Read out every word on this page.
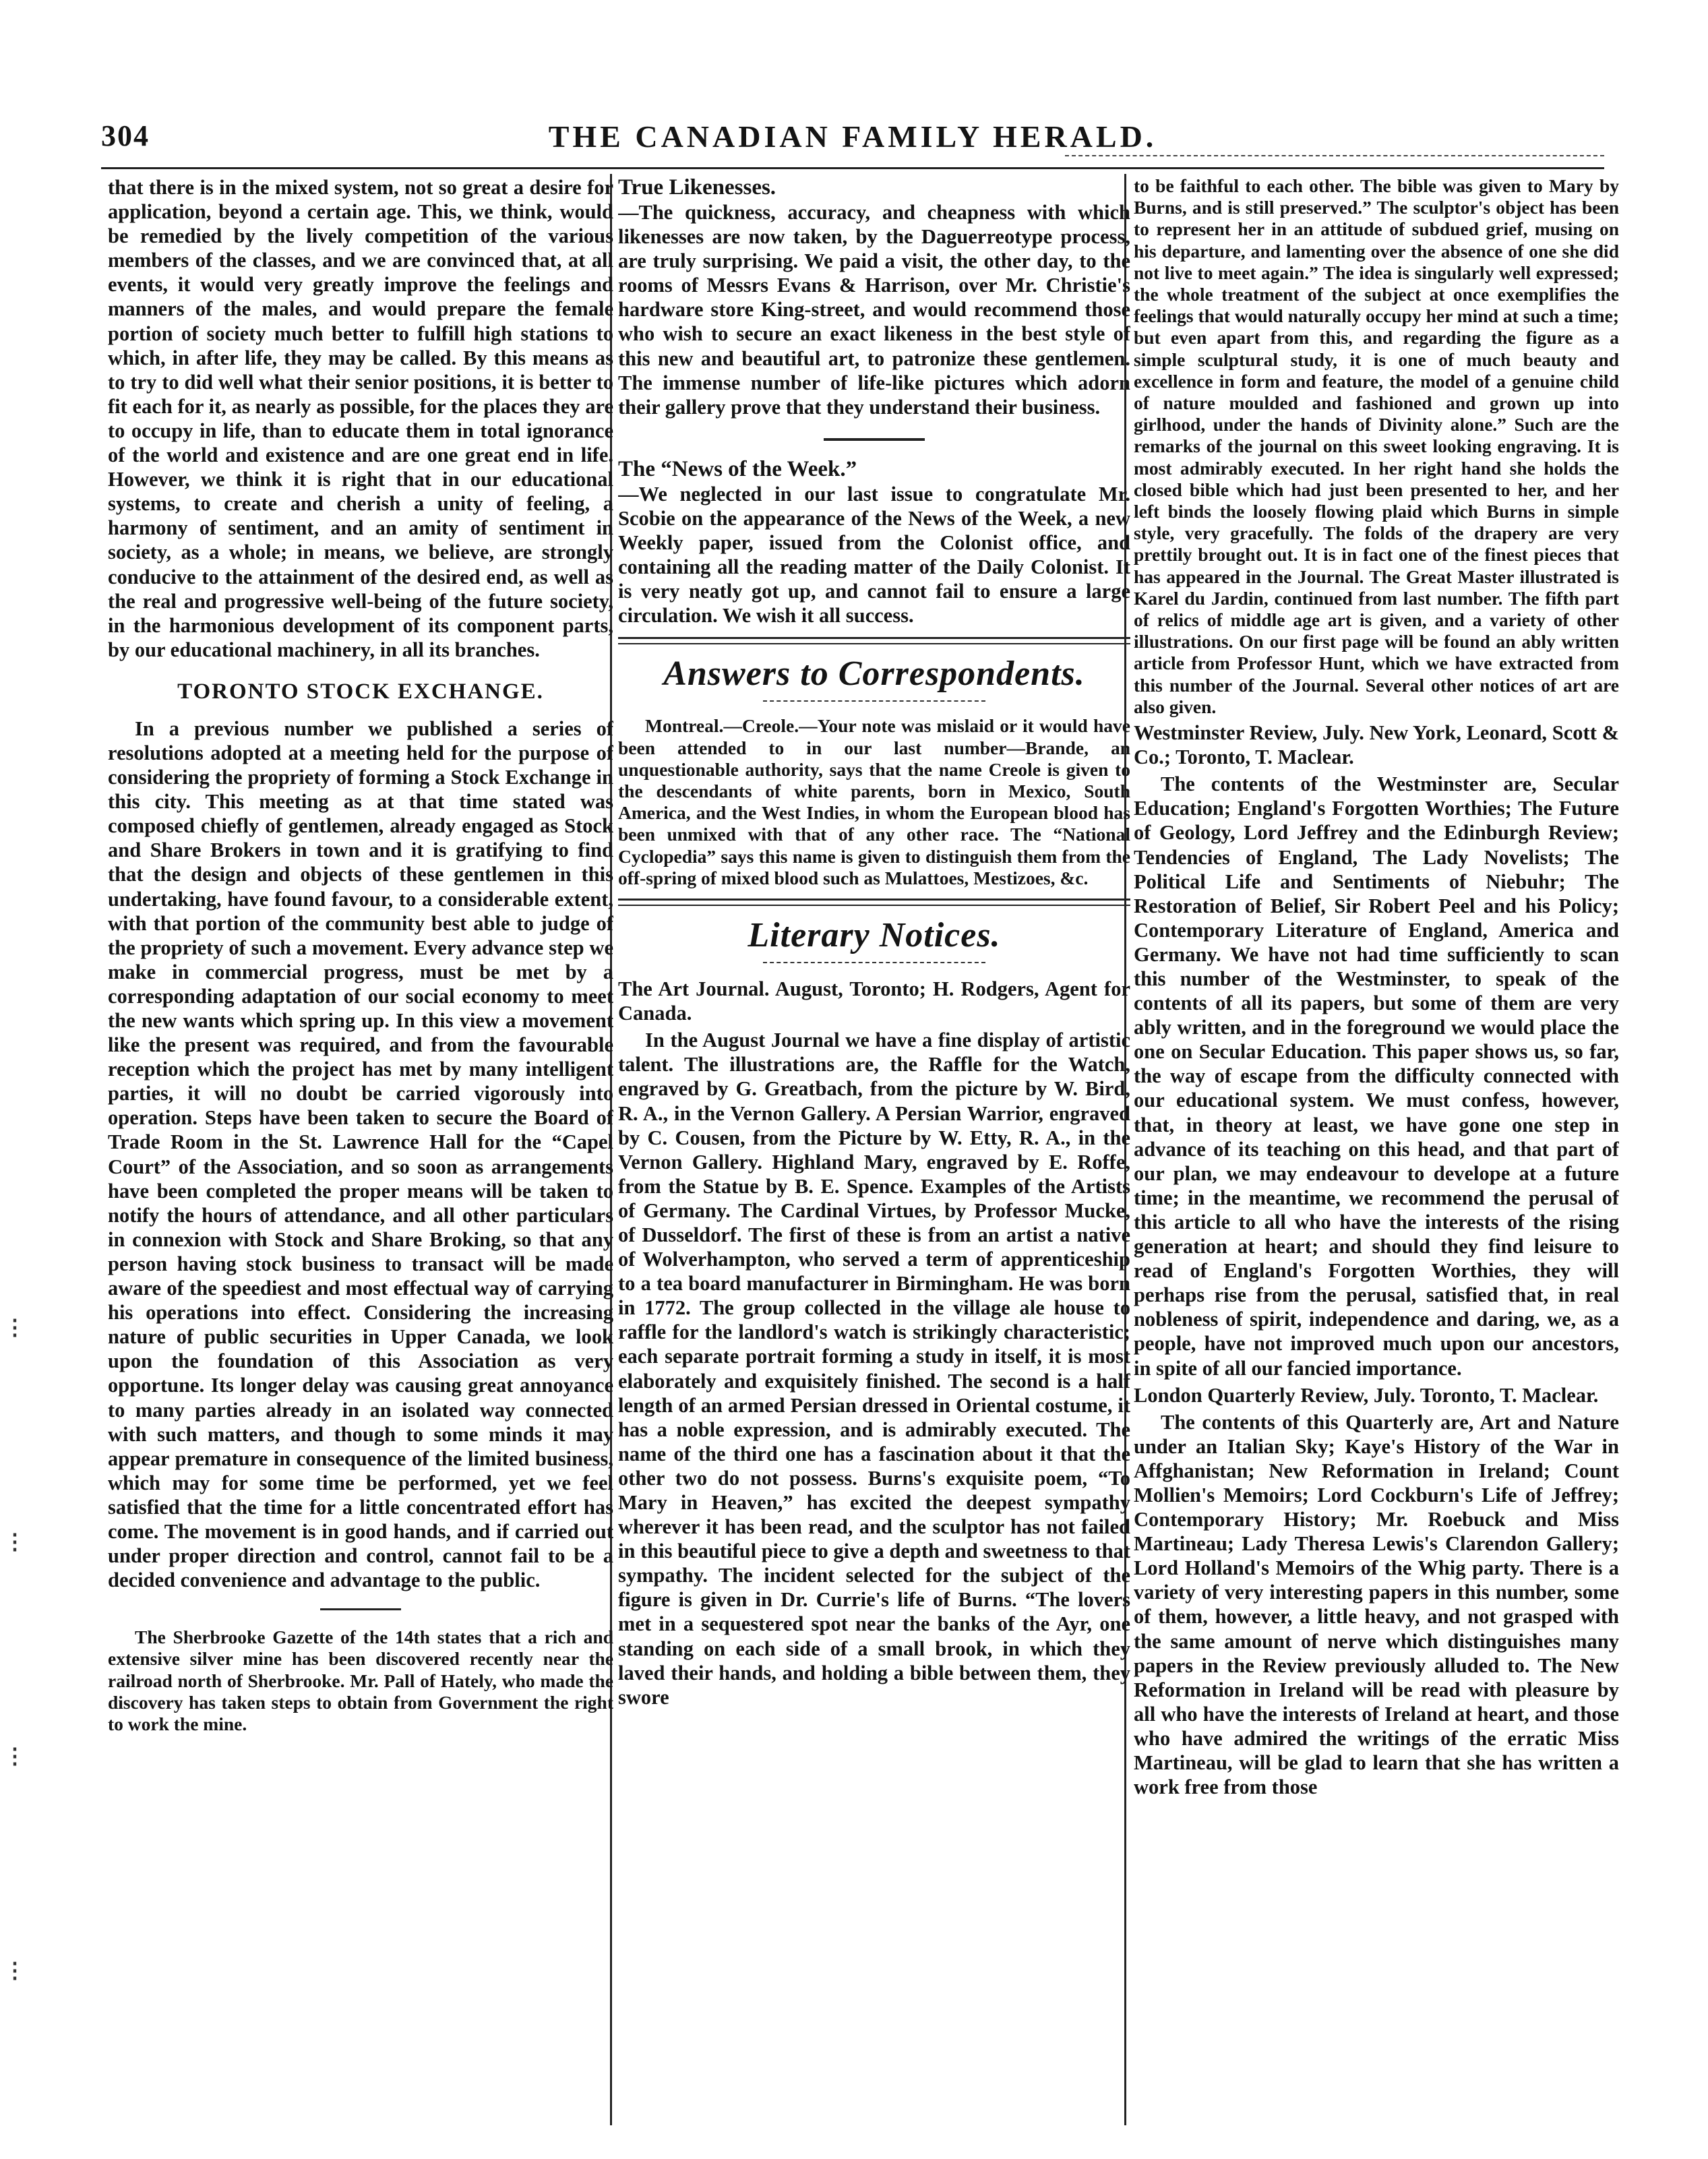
304	THE CANADIAN FAMILY HERALD.

that there is in the mixed system, not so great a desire for application, beyond a certain age. This, we think, would be remedied by the lively competition of the various members of the classes, and we are convinced that, at all events, it would very greatly improve the feelings and manners of the males, and would prepare the female portion of society much better to fulfill high stations to which, in after life, they may be called. By this means as to try to did well what their senior positions, it is better to fit each for it, as nearly as possible, for the places they are to occupy in life, than to educate them in total ignorance of the world and existence and are one great end in life. However, we think it is right that in our educational systems, to create and cherish a unity of feeling, a harmony of sentiment, and an amity of sentiment in society, as a whole; in means, we believe, are strongly conducive to the attainment of the desired end, as well as the real and progressive well-being of the future society, in the harmonious development of its component parts, by our educational machinery, in all its branches.

TORONTO STOCK EXCHANGE.

In a previous number we published a series of resolutions adopted at a meeting held for the purpose of considering the propriety of forming a Stock Exchange in this city. This meeting as at that time stated was composed chiefly of gentlemen, already engaged as Stock and Share Brokers in town and it is gratifying to find that the design and objects of these gentlemen in this undertaking, have found favour, to a considerable extent, with that portion of the community best able to judge of the propriety of such a movement. Every advance step we make in commercial progress, must be met by a corresponding adaptation of our social economy to meet the new wants which spring up. In this view a movement like the present was required, and from the favourable reception which the project has met by many intelligent parties, it will no doubt be carried vigorously into operation. Steps have been taken to secure the Board of Trade Room in the St. Lawrence Hall for the “Capel Court” of the Association, and so soon as arrangements have been completed the proper means will be taken to notify the hours of attendance, and all other particulars in connexion with Stock and Share Broking, so that any person having stock business to transact will be made aware of the speediest and most effectual way of carrying his operations into effect. Considering the increasing nature of public securities in Upper Canada, we look upon the foundation of this Association as very opportune. Its longer delay was causing great annoyance to many parties already in an isolated way connected with such matters, and though to some minds it may appear premature in consequence of the limited business, which may for some time be performed, yet we feel satisfied that the time for a little concentrated effort has come. The movement is in good hands, and if carried out under proper direction and control, cannot fail to be a decided convenience and advantage to the public.

The Sherbrooke Gazette of the 14th states that a rich and extensive silver mine has been discovered recently near the railroad north of Sherbrooke. Mr. Pall of Hately, who made the discovery has taken steps to obtain from Government the right to work the mine.

True Likenesses.

—The quickness, accuracy, and cheapness with which likenesses are now taken, by the Daguerreotype process, are truly surprising. We paid a visit, the other day, to the rooms of Messrs Evans & Harrison, over Mr. Christie's hardware store King-street, and would recommend those who wish to secure an exact likeness in the best style of this new and beautiful art, to patronize these gentlemen. The immense number of life-like pictures which adorn their gallery prove that they understand their business.

The “News of the Week.”

—We neglected in our last issue to congratulate Mr. Scobie on the appearance of the News of the Week, a new Weekly paper, issued from the Colonist office, and containing all the reading matter of the Daily Colonist. It is very neatly got up, and cannot fail to ensure a large circulation. We wish it all success.

Answers to Correspondents.

Montreal.—Creole.—Your note was mislaid or it would have been attended to in our last number—Brande, an unquestionable authority, says that the name Creole is given to the descendants of white parents, born in Mexico, South America, and the West Indies, in whom the European blood has been unmixed with that of any other race. The “National Cyclopedia” says this name is given to distinguish them from the off-spring of mixed blood such as Mulattoes, Mestizoes, &c.

Literary Notices.

The Art Journal. August, Toronto; H. Rodgers, Agent for Canada.

In the August Journal we have a fine display of artistic talent. The illustrations are, the Raffle for the Watch, engraved by G. Greatbach, from the picture by W. Bird, R. A., in the Vernon Gallery. A Persian Warrior, engraved by C. Cousen, from the Picture by W. Etty, R. A., in the Vernon Gallery. Highland Mary, engraved by E. Roffe, from the Statue by B. E. Spence. Examples of the Artists of Germany. The Cardinal Virtues, by Professor Mucke, of Dusseldorf. The first of these is from an artist a native of Wolverhampton, who served a term of apprenticeship to a tea board manufacturer in Birmingham. He was born in 1772. The group collected in the village ale house to raffle for the landlord's watch is strikingly characteristic; each separate portrait forming a study in itself, it is most elaborately and exquisitely finished. The second is a half length of an armed Persian dressed in Oriental costume, it has a noble expression, and is admirably executed. The name of the third one has a fascination about it that the other two do not possess. Burns's exquisite poem, “To Mary in Heaven,” has excited the deepest sympathy wherever it has been read, and the sculptor has not failed in this beautiful piece to give a depth and sweetness to that sympathy. The incident selected for the subject of the figure is given in Dr. Currie's life of Burns. “The lovers met in a sequestered spot near the banks of the Ayr, one standing on each side of a small brook, in which they laved their hands, and holding a bible between them, they swore

to be faithful to each other. The bible was given to Mary by Burns, and is still preserved.” The sculptor's object has been to represent her in an attitude of subdued grief, musing on his departure, and lamenting over the absence of one she did not live to meet again.” The idea is singularly well expressed; the whole treatment of the subject at once exemplifies the feelings that would naturally occupy her mind at such a time; but even apart from this, and regarding the figure as a simple sculptural study, it is one of much beauty and excellence in form and feature, the model of a genuine child of nature moulded and fashioned and grown up into girlhood, under the hands of Divinity alone.” Such are the remarks of the journal on this sweet looking engraving. It is most admirably executed. In her right hand she holds the closed bible which had just been presented to her, and her left binds the loosely flowing plaid which Burns in simple style, very gracefully. The folds of the drapery are very prettily brought out. It is in fact one of the finest pieces that has appeared in the Journal. The Great Master illustrated is Karel du Jardin, continued from last number. The fifth part of relics of middle age art is given, and a variety of other illustrations. On our first page will be found an ably written article from Professor Hunt, which we have extracted from this number of the Journal. Several other notices of art are also given.

Westminster Review, July. New York, Leonard, Scott & Co.; Toronto, T. Maclear.

The contents of the Westminster are, Secular Education; England's Forgotten Worthies; The Future of Geology, Lord Jeffrey and the Edinburgh Review; Tendencies of England, The Lady Novelists; The Political Life and Sentiments of Niebuhr; The Restoration of Belief, Sir Robert Peel and his Policy; Contemporary Literature of England, America and Germany. We have not had time sufficiently to scan this number of the Westminster, to speak of the contents of all its papers, but some of them are very ably written, and in the foreground we would place the one on Secular Education. This paper shows us, so far, the way of escape from the difficulty connected with our educational system. We must confess, however, that, in theory at least, we have gone one step in advance of its teaching on this head, and that part of our plan, we may endeavour to develope at a future time; in the meantime, we recommend the perusal of this article to all who have the interests of the rising generation at heart; and should they find leisure to read of England's Forgotten Worthies, they will perhaps rise from the perusal, satisfied that, in real nobleness of spirit, independence and daring, we, as a people, have not improved much upon our ancestors, in spite of all our fancied importance.

London Quarterly Review, July. Toronto, T. Maclear.

The contents of this Quarterly are, Art and Nature under an Italian Sky; Kaye's History of the War in Affghanistan; New Reformation in Ireland; Count Mollien's Memoirs; Lord Cockburn's Life of Jeffrey; Contemporary History; Mr. Roebuck and Miss Martineau; Lady Theresa Lewis's Clarendon Gallery; Lord Holland's Memoirs of the Whig party. There is a variety of very interesting papers in this number, some of them, however, a little heavy, and not grasped with the same amount of nerve which distinguishes many papers in the Review previously alluded to. The New Reformation in Ireland will be read with pleasure by all who have the interests of Ireland at heart, and those who have admired the writings of the erratic Miss Martineau, will be glad to learn that she has written a work free from those

⋮
⋮
⋮
⋮
